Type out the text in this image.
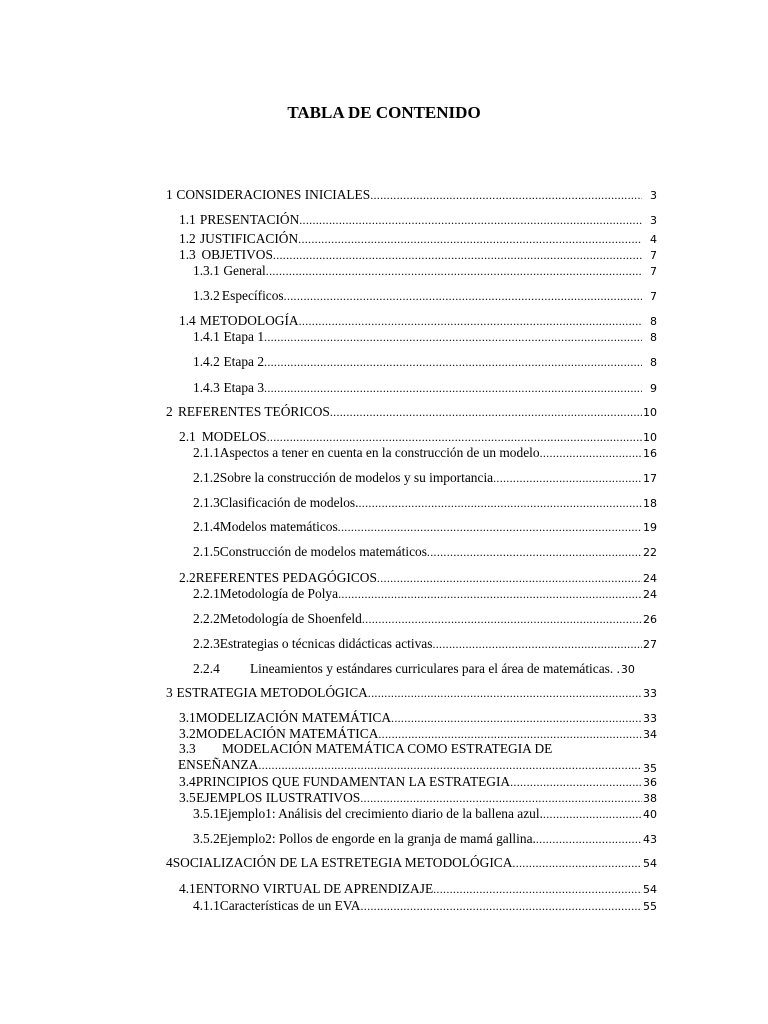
TABLA DE CONTENIDO
1 CONSIDERACIONES INICIALES .....	3
1.1 PRESENTACIÓN .....	3
1.2 JUSTIFICACIÓN .....	4
1.3 OBJETIVOS .....	7
1.3.1 General .....	7
1.3.2 Específicos .....	7
1.4 METODOLOGÍA .....	8
1.4.1 Etapa 1 .....	8
1.4.2 Etapa 2 .....	8
1.4.3 Etapa 3 .....	9
2 REFERENTES TEÓRICOS .....	10
2.1 MODELOS .....	10
2.1.1 Aspectos a tener en cuenta en la construcción de un modelo .....	16
2.1.2 Sobre la construcción de modelos y su importancia .....	17
2.1.3 Clasificación de modelos. .....	18
2.1.4 Modelos matemáticos .....	19
2.1.5 Construcción de modelos matemáticos .....	22
2.2 REFERENTES PEDAGÓGICOS .....	24
2.2.1 Metodología de Polya .....	24
2.2.2 Metodología de Shoenfeld .....	26
2.2.3 Estrategias o técnicas didácticas activas .....	27
2.2.4	Lineamientos y estándares curriculares para el área de matemáticas. . 30
3 ESTRATEGIA METODOLÓGICA .....	33
3.1 MODELIZACIÓN MATEMÁTICA .....	33
3.2 MODELACIÓN MATEMÁTICA .....	34
3.3 MODELACIÓN MATEMÁTICA COMO ESTRATEGIA DE
ENSEÑANZA .....	35
3.4 PRINCIPIOS QUE FUNDAMENTAN LA ESTRATEGIA .....	36
3.5 EJEMPLOS ILUSTRATIVOS .....	38
3.5.1 Ejemplo1: Análisis del crecimiento diario de la ballena azul. .....	40
3.5.2 Ejemplo2: Pollos de engorde en la granja de mamá gallina. .....	43
4 SOCIALIZACIÓN DE LA ESTRETEGIA METODOLÓGICA .....	54
4.1 ENTORNO VIRTUAL DE APRENDIZAJE .....	54
4.1.1 Características de un EVA .....	55
